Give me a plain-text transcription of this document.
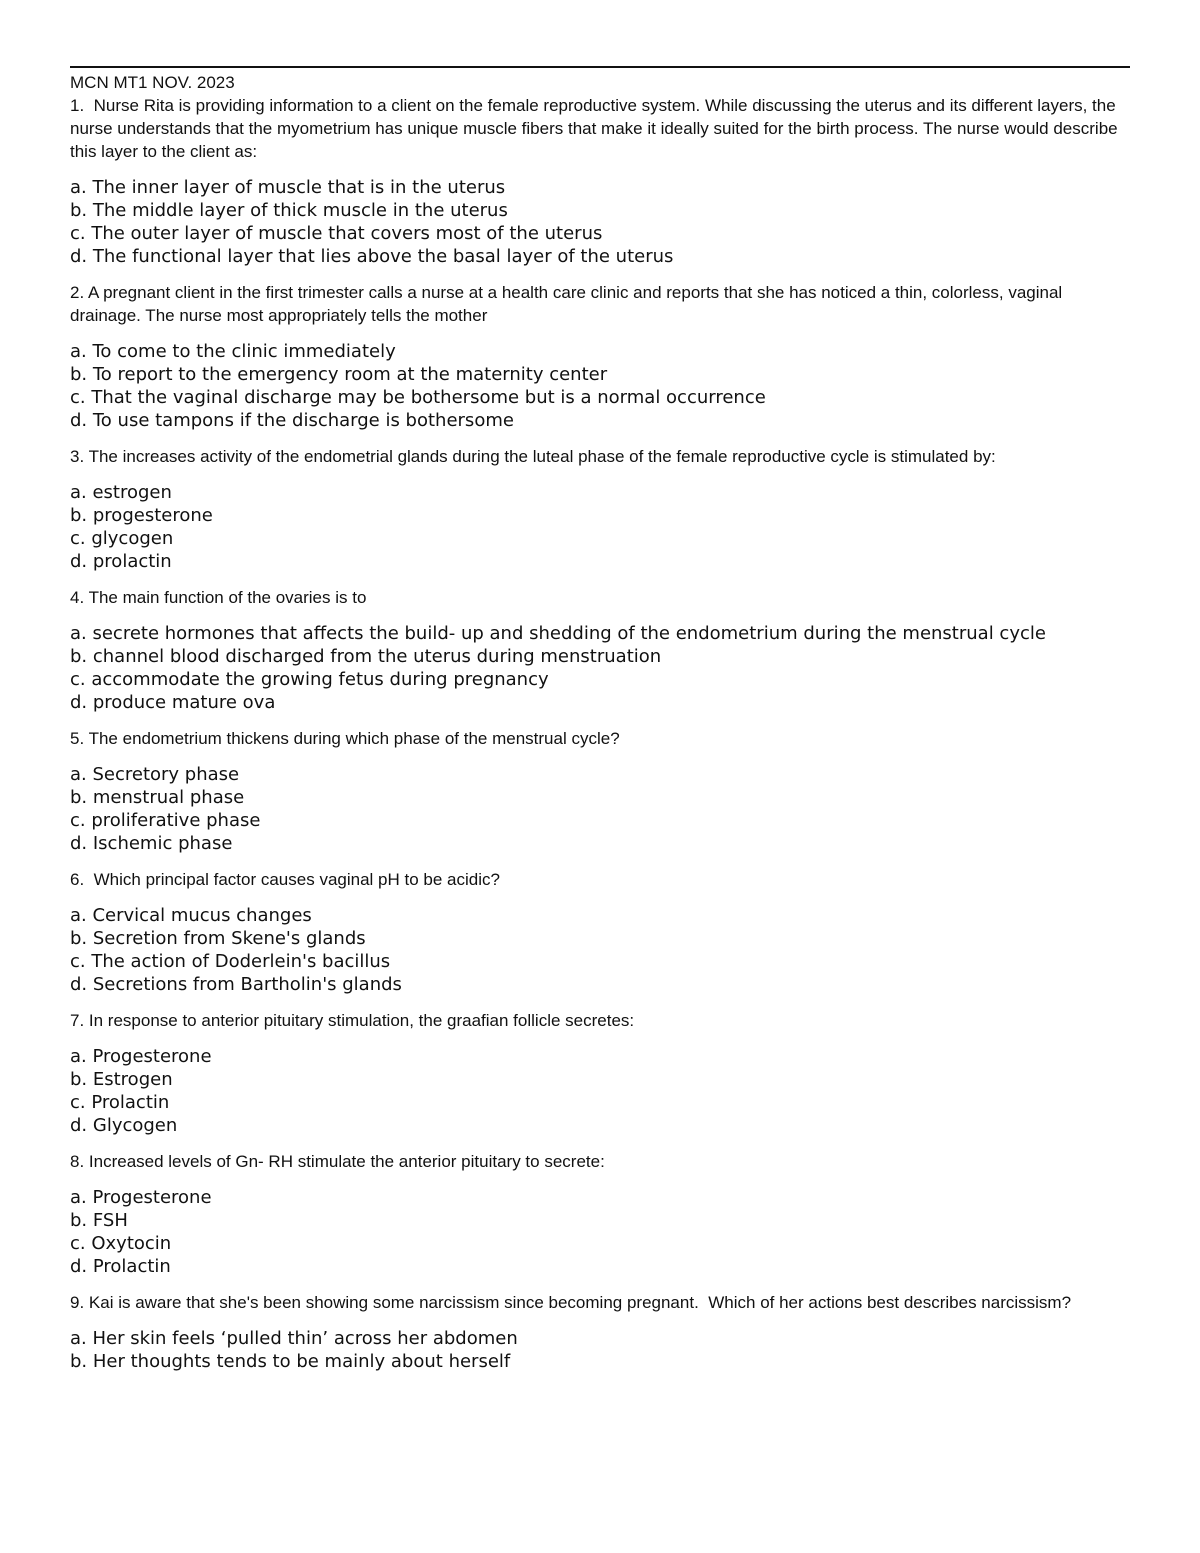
MCN MT1 NOV. 2023

1.  Nurse Rita is providing information to a client on the female reproductive system. While discussing the uterus and its different layers, the nurse understands that the myometrium has unique muscle fibers that make it ideally suited for the birth process. The nurse would describe this layer to the client as:

a. The inner layer of muscle that is in the uterus
b. The middle layer of thick muscle in the uterus
c. The outer layer of muscle that covers most of the uterus
d. The functional layer that lies above the basal layer of the uterus

2. A pregnant client in the first trimester calls a nurse at a health care clinic and reports that she has noticed a thin, colorless, vaginal drainage. The nurse most appropriately tells the mother

a. To come to the clinic immediately
b. To report to the emergency room at the maternity center
c. That the vaginal discharge may be bothersome but is a normal occurrence
d. To use tampons if the discharge is bothersome

3. The increases activity of the endometrial glands during the luteal phase of the female reproductive cycle is stimulated by:

a. estrogen
b. progesterone
c. glycogen
d. prolactin

4. The main function of the ovaries is to

a. secrete hormones that affects the build- up and shedding of the endometrium during the menstrual cycle
b. channel blood discharged from the uterus during menstruation
c. accommodate the growing fetus during pregnancy
d. produce mature ova

5. The endometrium thickens during which phase of the menstrual cycle?

a. Secretory phase
b. menstrual phase
c. proliferative phase
d. Ischemic phase

6.  Which principal factor causes vaginal pH to be acidic?

a. Cervical mucus changes
b. Secretion from Skene's glands
c. The action of Doderlein's bacillus
d. Secretions from Bartholin's glands

7. In response to anterior pituitary stimulation, the graafian follicle secretes:

a. Progesterone
b. Estrogen
c. Prolactin
d. Glycogen

8. Increased levels of Gn- RH stimulate the anterior pituitary to secrete:

a. Progesterone
b. FSH
c. Oxytocin
d. Prolactin

9. Kai is aware that she's been showing some narcissism since becoming pregnant.  Which of her actions best describes narcissism?

a. Her skin feels ‘pulled thin’ across her abdomen
b. Her thoughts tends to be mainly about herself
